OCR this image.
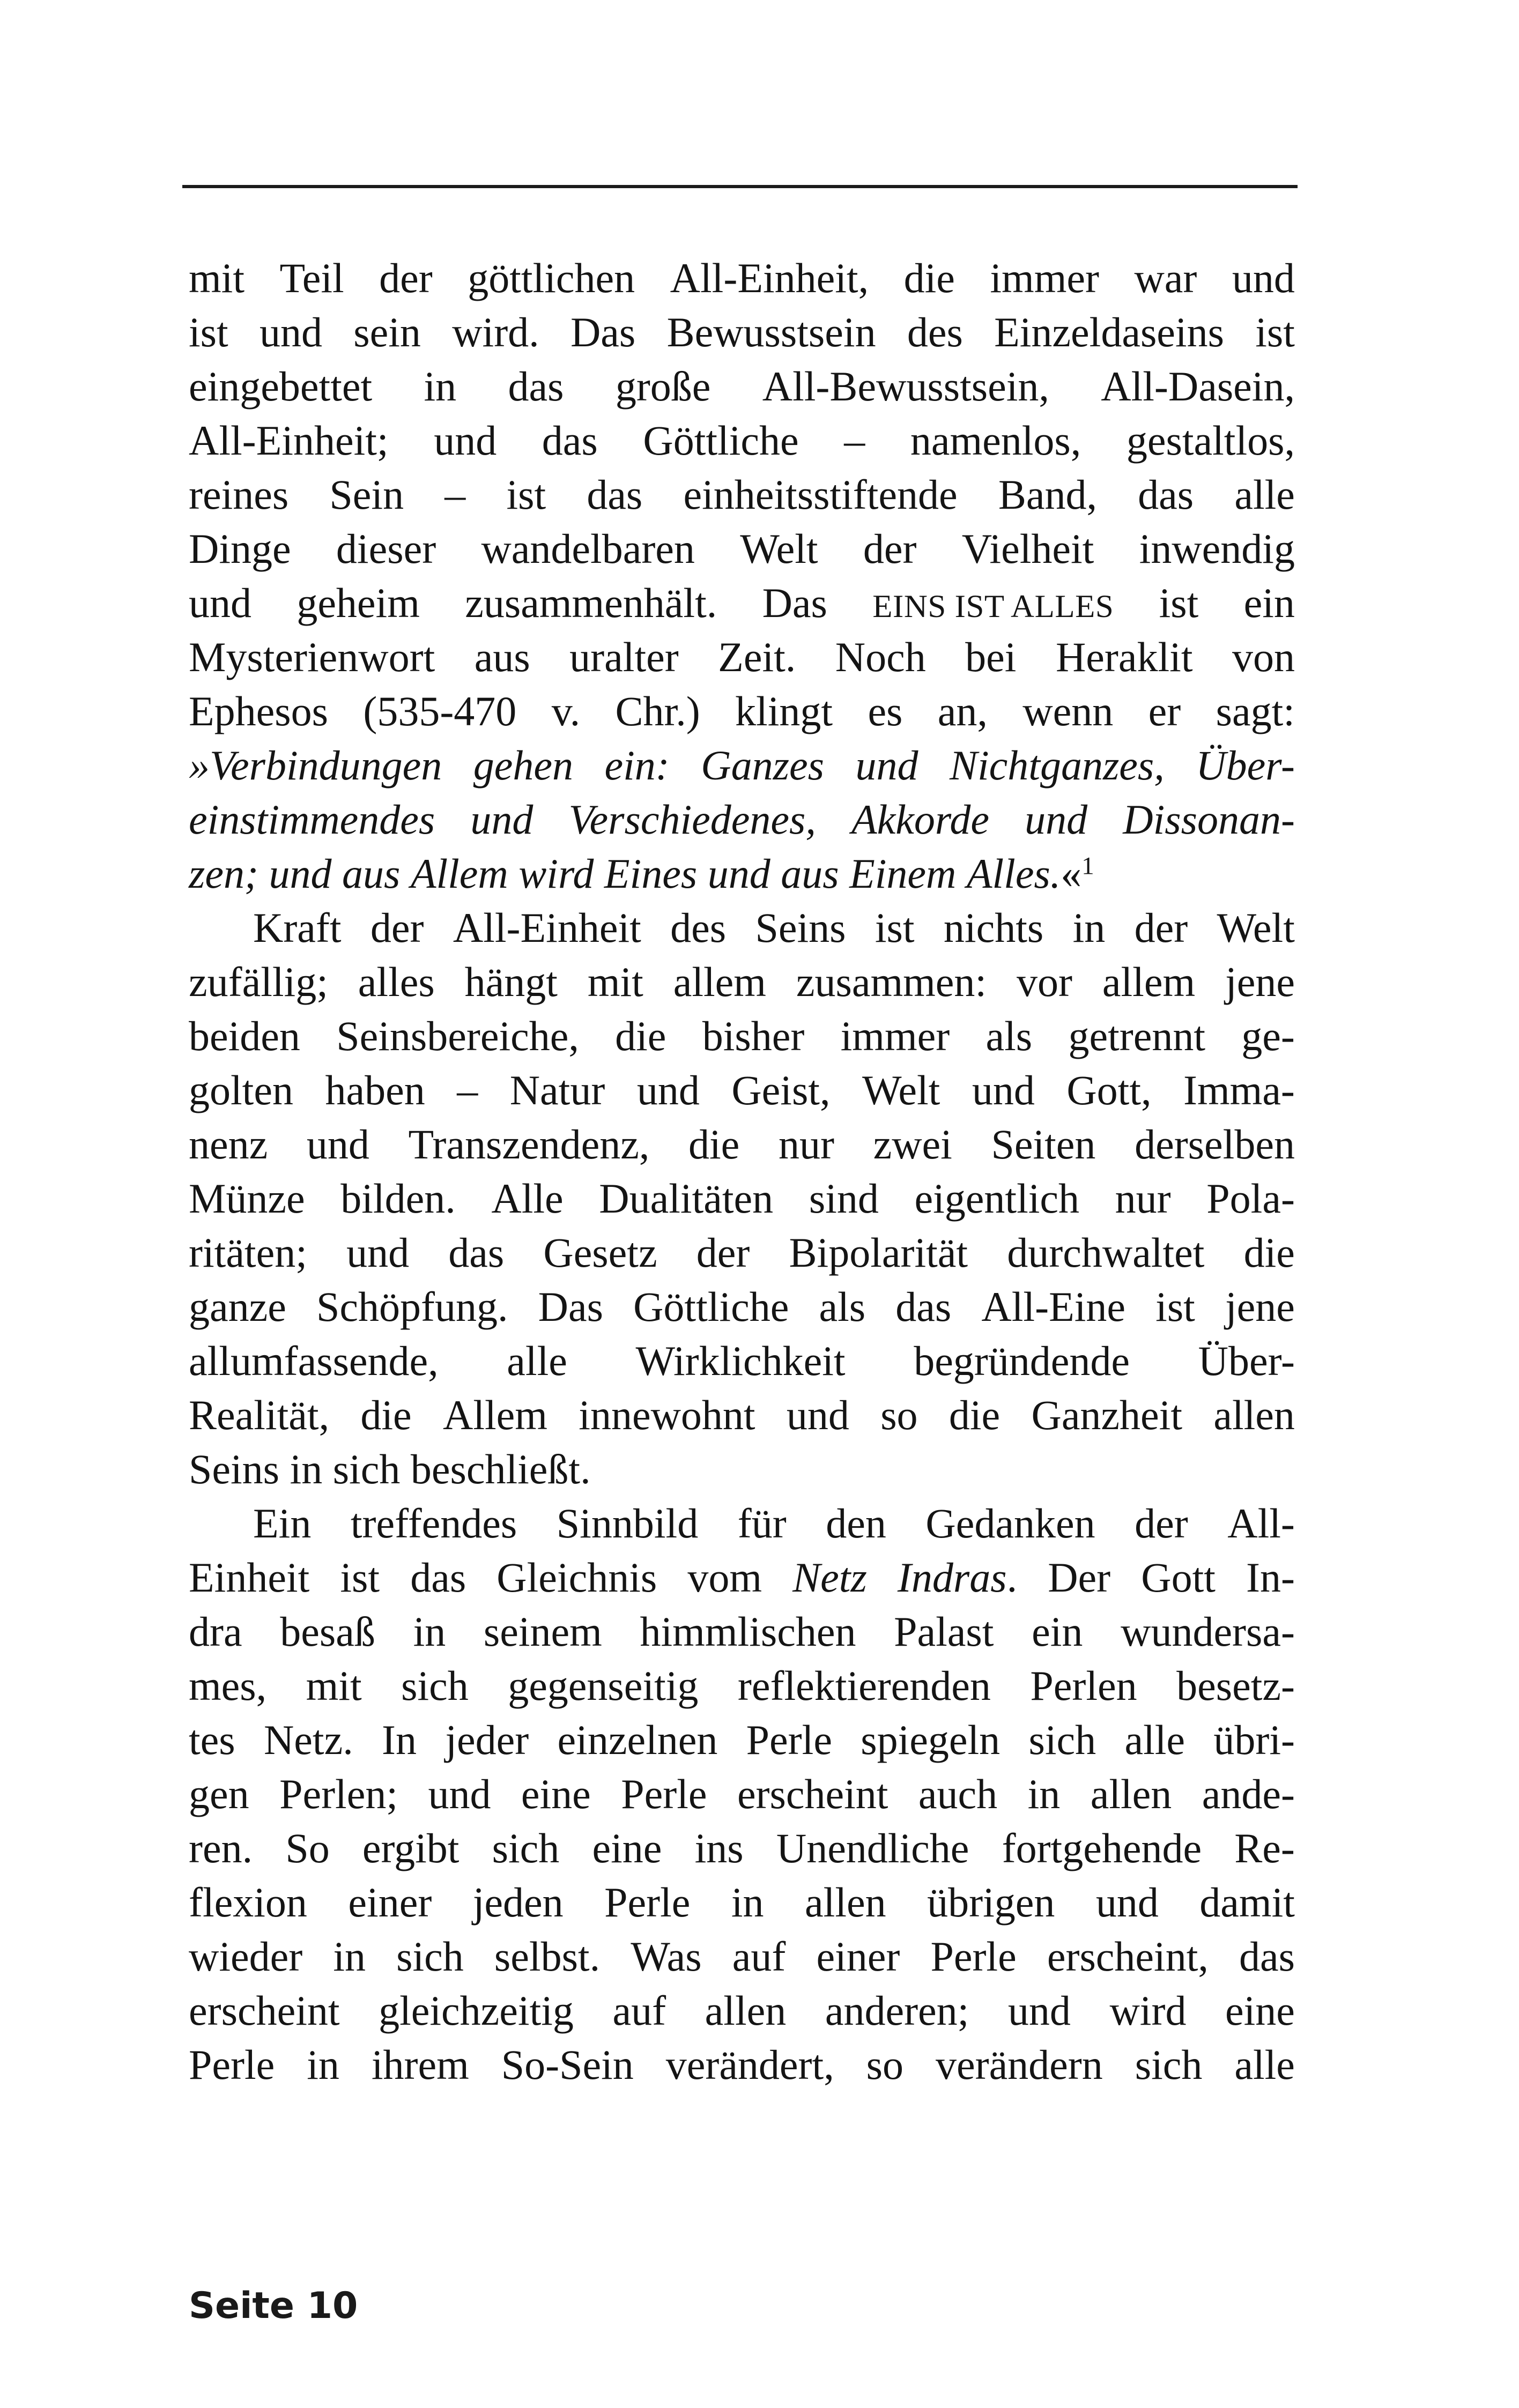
mit Teil der göttlichen All-Einheit, die immer war und
ist und sein wird. Das Bewusstsein des Einzeldaseins ist
eingebettet in das große All-Bewusstsein, All-Dasein,
All-Einheit; und das Göttliche – namenlos, gestaltlos,
reines Sein – ist das einheitsstiftende Band, das alle
Dinge dieser wandelbaren Welt der Vielheit inwendig
und geheim zusammenhält. Das EINS IST ALLES ist ein
Mysterienwort aus uralter Zeit. Noch bei Heraklit von
Ephesos (535-470 v. Chr.) klingt es an, wenn er sagt:
»Verbindungen gehen ein: Ganzes und Nichtganzes, Über-
einstimmendes und Verschiedenes, Akkorde und Dissonan-
zen; und aus Allem wird Eines und aus Einem Alles.«$^1$
Kraft der All-Einheit des Seins ist nichts in der Welt
zufällig; alles hängt mit allem zusammen: vor allem jene
beiden Seinsbereiche, die bisher immer als getrennt ge-
golten haben – Natur und Geist, Welt und Gott, Imma-
nenz und Transzendenz, die nur zwei Seiten derselben
Münze bilden. Alle Dualitäten sind eigentlich nur Pola-
ritäten; und das Gesetz der Bipolarität durchwaltet die
ganze Schöpfung. Das Göttliche als das All-Eine ist jene
allumfassende, alle Wirklichkeit begründende Über-
Realität, die Allem innewohnt und so die Ganzheit allen
Seins in sich beschließt.
Ein treffendes Sinnbild für den Gedanken der All-
Einheit ist das Gleichnis vom Netz Indras. Der Gott In-
dra besaß in seinem himmlischen Palast ein wundersa-
mes, mit sich gegenseitig reflektierenden Perlen besetz-
tes Netz. In jeder einzelnen Perle spiegeln sich alle übri-
gen Perlen; und eine Perle erscheint auch in allen ande-
ren. So ergibt sich eine ins Unendliche fortgehende Re-
flexion einer jeden Perle in allen übrigen und damit
wieder in sich selbst. Was auf einer Perle erscheint, das
erscheint gleichzeitig auf allen anderen; und wird eine
Perle in ihrem So-Sein verändert, so verändern sich alle
Seite 10
